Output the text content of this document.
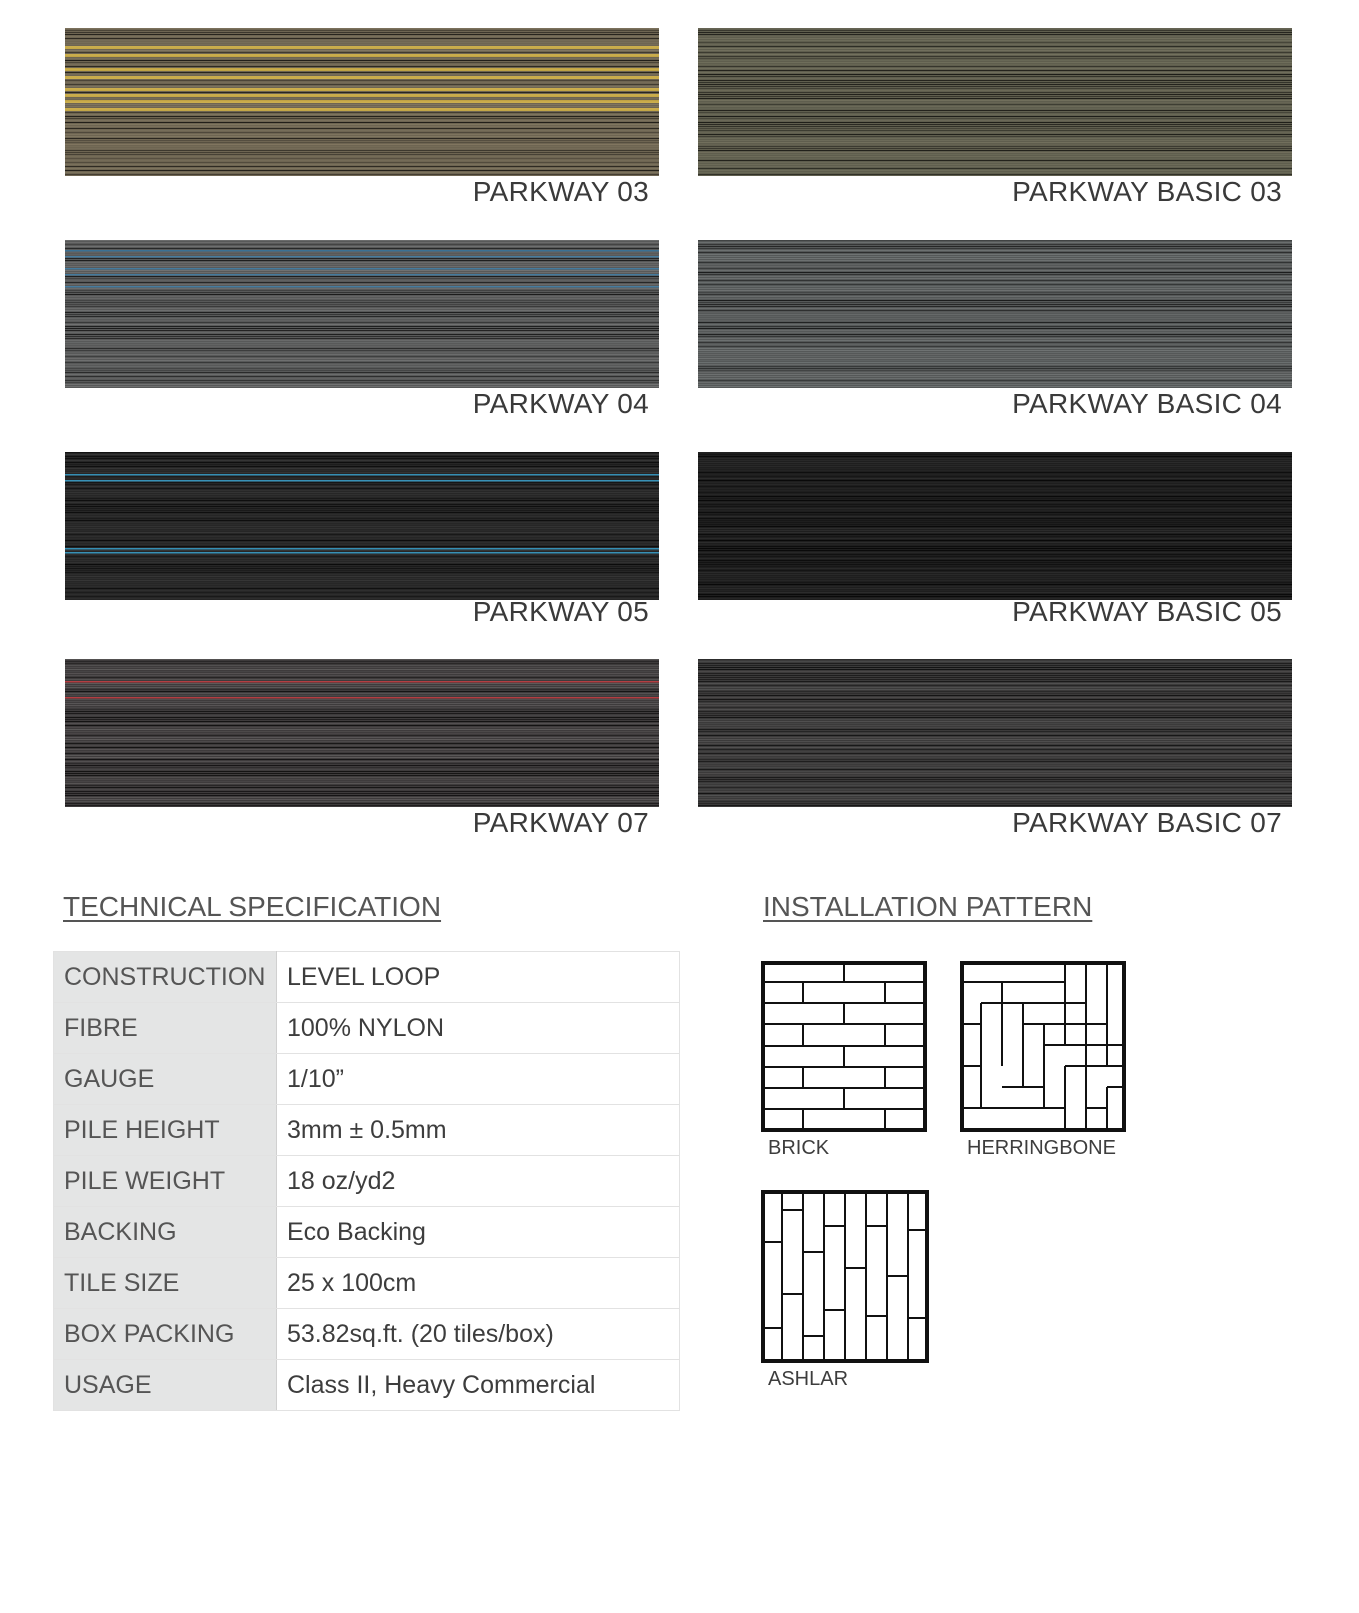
PARKWAY 03	PARKWAY BASIC 03
PARKWAY 04	PARKWAY BASIC 04
PARKWAY 05	PARKWAY BASIC 05
PARKWAY 07	PARKWAY BASIC 07
TECHNICAL SPECIFICATION
CONSTRUCTION	LEVEL LOOP
FIBRE	100% NYLON
GAUGE	1/10”
PILE HEIGHT	3mm ± 0.5mm
PILE WEIGHT	18 oz/yd2
BACKING	Eco Backing
TILE SIZE	25 x 100cm
BOX PACKING	53.82sq.ft. (20 tiles/box)
USAGE	Class II, Heavy Commercial
INSTALLATION PATTERN
BRICK	HERRINGBONE
ASHLAR
